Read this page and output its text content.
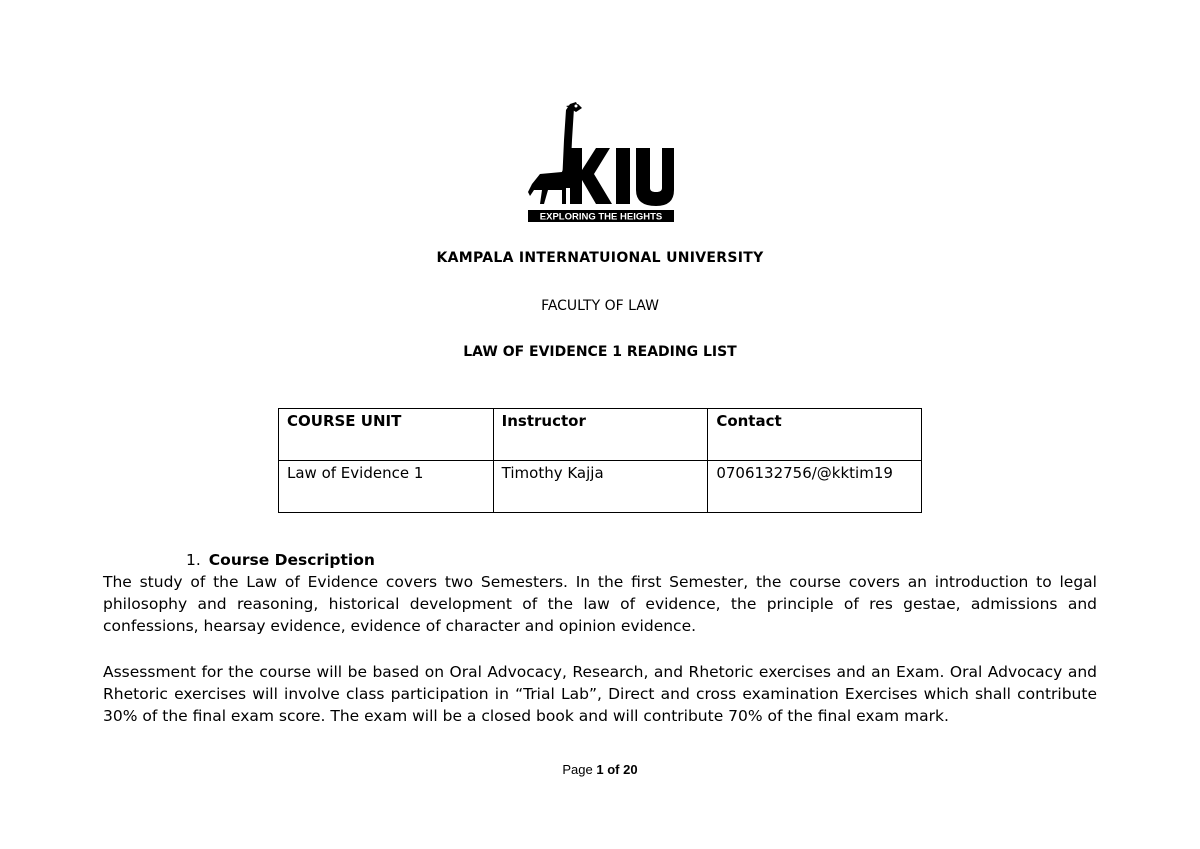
EXPLORING THE HEIGHTS
KAMPALA INTERNATUIONAL UNIVERSITY
FACULTY OF LAW
LAW OF EVIDENCE 1 READING LIST
COURSE UNIT	Instructor	Contact
Law of Evidence 1	Timothy Kajja	0706132756/@kktim19
1. Course Description
The study of the Law of Evidence covers two Semesters. In the first Semester, the course covers an introduction to legal philosophy and reasoning, historical development of the law of evidence, the principle of res gestae, admissions and confessions, hearsay evidence, evidence of character and opinion evidence.
Assessment for the course will be based on Oral Advocacy, Research, and Rhetoric exercises and an Exam. Oral Advocacy and Rhetoric exercises will involve class participation in “Trial Lab”, Direct and cross examination Exercises which shall contribute 30% of the final exam score. The exam will be a closed book and will contribute 70% of the final exam mark.
Page 1 of 20
